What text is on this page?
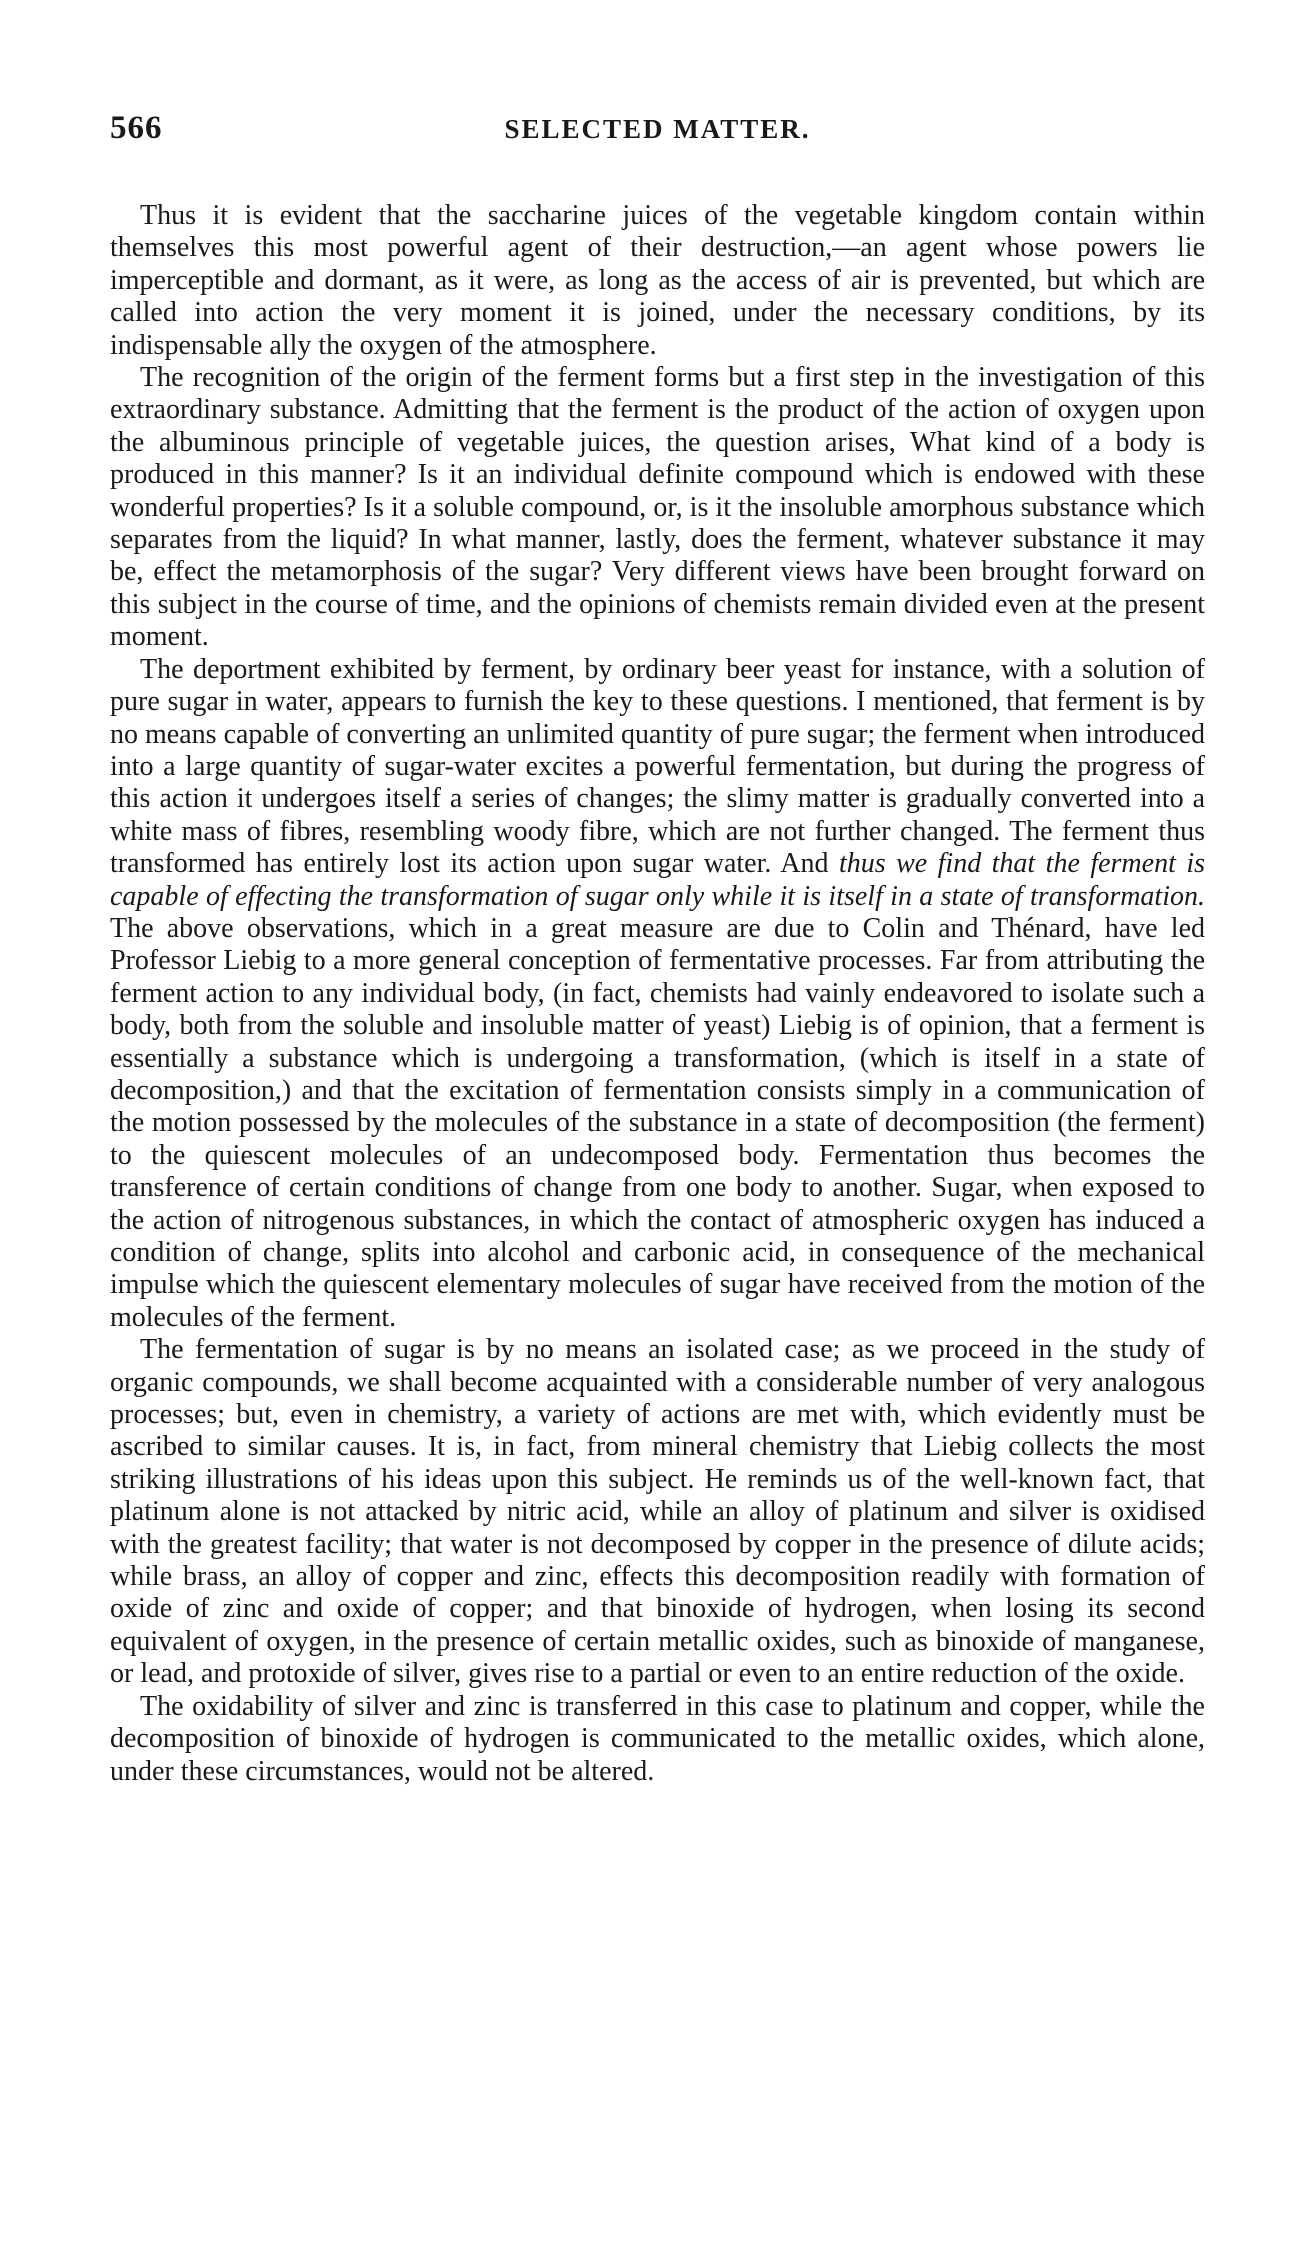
566	SELECTED MATTER.

Thus it is evident that the saccharine juices of the vegetable kingdom contain within themselves this most powerful agent of their destruction,—an agent whose powers lie imperceptible and dormant, as it were, as long as the access of air is prevented, but which are called into action the very moment it is joined, under the necessary conditions, by its indispensable ally the oxygen of the atmosphere.

The recognition of the origin of the ferment forms but a first step in the investigation of this extraordinary substance. Admitting that the ferment is the product of the action of oxygen upon the albuminous principle of vegetable juices, the question arises, What kind of a body is produced in this manner? Is it an individual definite compound which is endowed with these wonderful properties? Is it a soluble compound, or, is it the insoluble amorphous substance which separates from the liquid? In what manner, lastly, does the ferment, whatever substance it may be, effect the metamorphosis of the sugar? Very different views have been brought forward on this subject in the course of time, and the opinions of chemists remain divided even at the present moment.

The deportment exhibited by ferment, by ordinary beer yeast for instance, with a solution of pure sugar in water, appears to furnish the key to these questions. I mentioned, that ferment is by no means capable of converting an unlimited quantity of pure sugar; the ferment when introduced into a large quantity of sugar-water excites a powerful fermentation, but during the progress of this action it undergoes itself a series of changes; the slimy matter is gradually converted into a white mass of fibres, resembling woody fibre, which are not further changed. The ferment thus transformed has entirely lost its action upon sugar water. And thus we find that the ferment is capable of effecting the transformation of sugar only while it is itself in a state of transformation. The above observations, which in a great measure are due to Colin and Thénard, have led Professor Liebig to a more general conception of fermentative processes. Far from attributing the ferment action to any individual body, (in fact, chemists had vainly endeavored to isolate such a body, both from the soluble and insoluble matter of yeast) Liebig is of opinion, that a ferment is essentially a substance which is undergoing a transformation, (which is itself in a state of decomposition,) and that the excitation of fermentation consists simply in a communication of the motion possessed by the molecules of the substance in a state of decomposition (the ferment) to the quiescent molecules of an undecomposed body. Fermentation thus becomes the transference of certain conditions of change from one body to another. Sugar, when exposed to the action of nitrogenous substances, in which the contact of atmospheric oxygen has induced a condition of change, splits into alcohol and carbonic acid, in consequence of the mechanical impulse which the quiescent elementary molecules of sugar have received from the motion of the molecules of the ferment.

The fermentation of sugar is by no means an isolated case; as we proceed in the study of organic compounds, we shall become acquainted with a considerable number of very analogous processes; but, even in chemistry, a variety of actions are met with, which evidently must be ascribed to similar causes. It is, in fact, from mineral chemistry that Liebig collects the most striking illustrations of his ideas upon this subject. He reminds us of the well-known fact, that platinum alone is not attacked by nitric acid, while an alloy of platinum and silver is oxidised with the greatest facility; that water is not decomposed by copper in the presence of dilute acids; while brass, an alloy of copper and zinc, effects this decomposition readily with formation of oxide of zinc and oxide of copper; and that binoxide of hydrogen, when losing its second equivalent of oxygen, in the presence of certain metallic oxides, such as binoxide of manganese, or lead, and protoxide of silver, gives rise to a partial or even to an entire reduction of the oxide.

The oxidability of silver and zinc is transferred in this case to platinum and copper, while the decomposition of binoxide of hydrogen is communicated to the metallic oxides, which alone, under these circumstances, would not be altered.
